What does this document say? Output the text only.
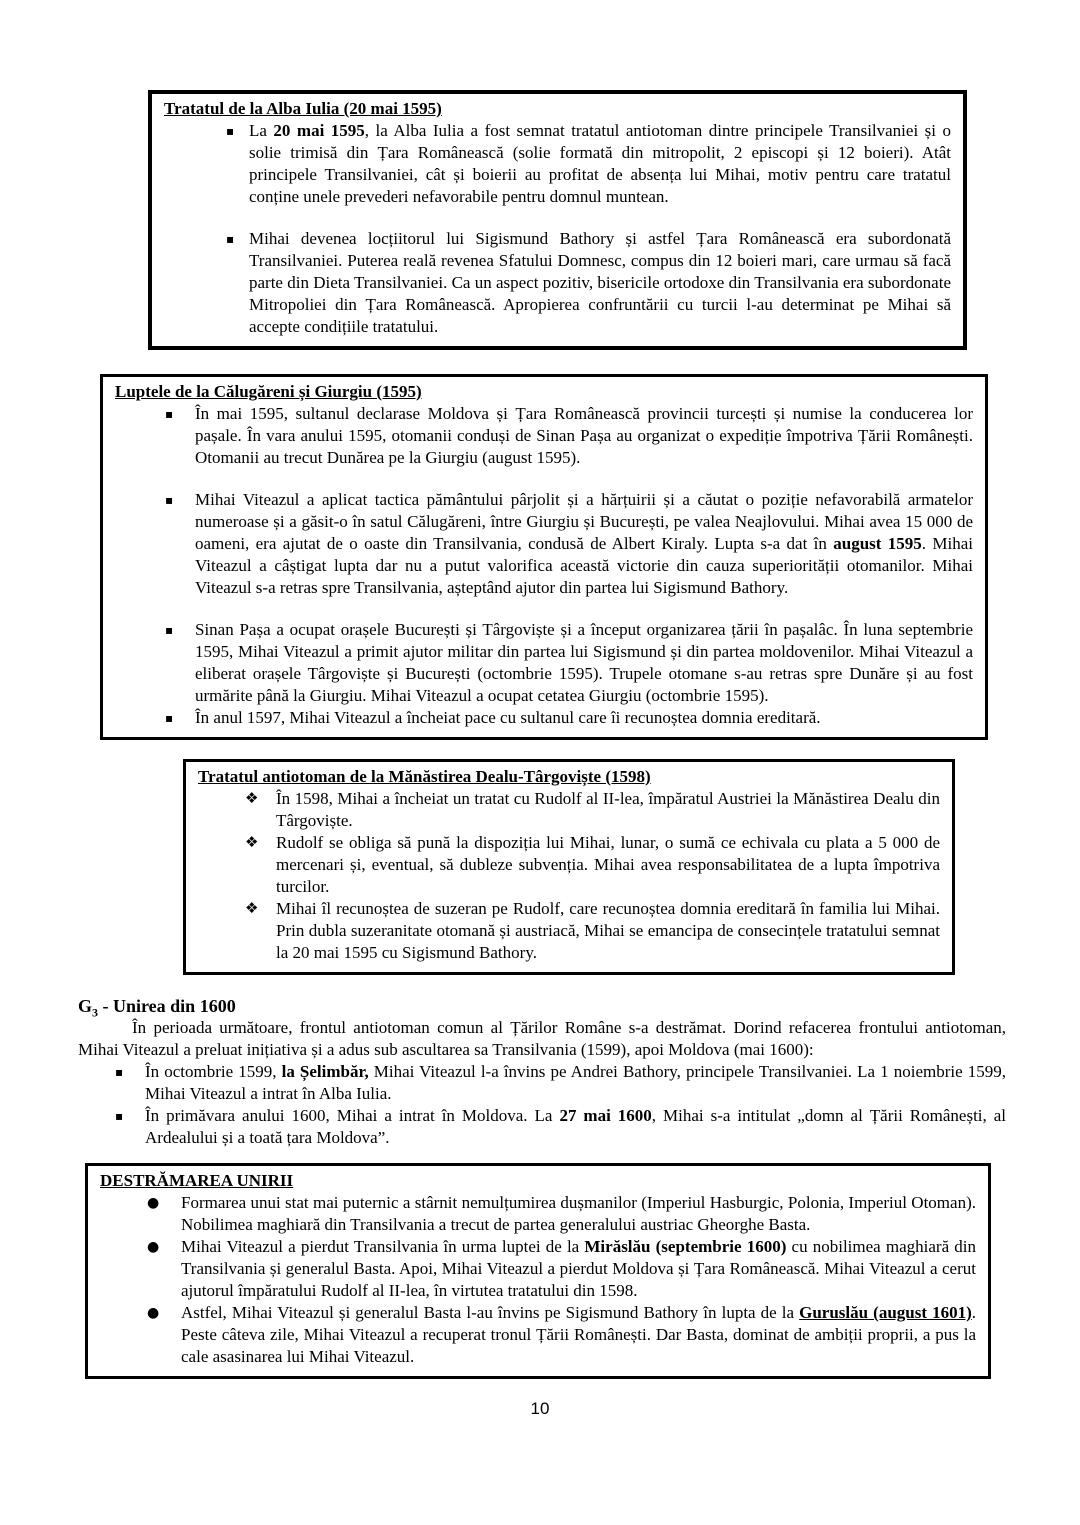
Tratatul de la Alba Iulia (20 mai 1595)
▪ La 20 mai 1595, la Alba Iulia a fost semnat tratatul antiotoman dintre principele Transilvaniei și o solie trimisă din Țara Românească (solie formată din mitropolit, 2 episcopi și 12 boieri). Atât principele Transilvaniei, cât și boierii au profitat de absența lui Mihai, motiv pentru care tratatul conține unele prevederi nefavorabile pentru domnul muntean.
▪ Mihai devenea locțiitorul lui Sigismund Bathory și astfel Țara Românească era subordonată Transilvaniei. Puterea reală revenea Sfatului Domnesc, compus din 12 boieri mari, care urmau să facă parte din Dieta Transilvaniei. Ca un aspect pozitiv, bisericile ortodoxe din Transilvania era subordonate Mitropoliei din Țara Românească. Apropierea confruntării cu turcii l-au determinat pe Mihai să accepte condițiile tratatului.
Luptele de la Călugăreni și Giurgiu (1595)
▪ În mai 1595, sultanul declarase Moldova și Țara Românească provincii turcești și numise la conducerea lor pașale. În vara anului 1595, otomanii conduși de Sinan Pașa au organizat o expediție împotriva Țării Românești. Otomanii au trecut Dunărea pe la Giurgiu (august 1595).
▪ Mihai Viteazul a aplicat tactica pământului pârjolit și a hărțuirii și a căutat o poziție nefavorabilă armatelor numeroase și a găsit-o în satul Călugăreni, între Giurgiu și București, pe valea Neajlovului. Mihai avea 15 000 de oameni, era ajutat de o oaste din Transilvania, condusă de Albert Kiraly. Lupta s-a dat în august 1595. Mihai Viteazul a câștigat lupta dar nu a putut valorifica această victorie din cauza superiorității otomanilor. Mihai Viteazul s-a retras spre Transilvania, așteptând ajutor din partea lui Sigismund Bathory.
▪ Sinan Pașa a ocupat orașele București și Târgoviște și a început organizarea țării în pașalâc. În luna septembrie 1595, Mihai Viteazul a primit ajutor militar din partea lui Sigismund și din partea moldovenilor. Mihai Viteazul a eliberat orașele Târgoviște și București (octombrie 1595). Trupele otomane s-au retras spre Dunăre și au fost urmărite până la Giurgiu. Mihai Viteazul a ocupat cetatea Giurgiu (octombrie 1595).
▪ În anul 1597, Mihai Viteazul a încheiat pace cu sultanul care îi recunoștea domnia ereditară.
Tratatul antiotoman de la Mănăstirea Dealu-Târgoviște (1598)
❖ În 1598, Mihai a încheiat un tratat cu Rudolf al II-lea, împăratul Austriei la Mănăstirea Dealu din Târgoviște.
❖ Rudolf se obliga să pună la dispoziția lui Mihai, lunar, o sumă ce echivala cu plata a 5 000 de mercenari și, eventual, să dubleze subvenția. Mihai avea responsabilitatea de a lupta împotriva turcilor.
❖ Mihai îl recunoștea de suzeran pe Rudolf, care recunoștea domnia ereditară în familia lui Mihai. Prin dubla suzeranitate otomană și austriacă, Mihai se emancipa de consecințele tratatului semnat la 20 mai 1595 cu Sigismund Bathory.
$G_3$ - Unirea din 1600

În perioada următoare, frontul antiotoman comun al Țărilor Române s-a destrămat. Dorind refacerea frontului antiotoman, Mihai Viteazul a preluat inițiativa și a adus sub ascultarea sa Transilvania (1599), apoi Moldova (mai 1600):

▪ În octombrie 1599, la Șelimbăr, Mihai Viteazul l-a învins pe Andrei Bathory, principele Transilvaniei. La 1 noiembrie 1599, Mihai Viteazul a intrat în Alba Iulia.
▪ În primăvara anului 1600, Mihai a intrat în Moldova. La 27 mai 1600, Mihai s-a intitulat „domn al Țării Românești, al Ardealului și a toată țara Moldova”.
DESTRĂMAREA UNIRII
● Formarea unui stat mai puternic a stârnit nemulțumirea dușmanilor (Imperiul Hasburgic, Polonia, Imperiul Otoman). Nobilimea maghiară din Transilvania a trecut de partea generalului austriac Gheorghe Basta.
● Mihai Viteazul a pierdut Transilvania în urma luptei de la Mirăslău (septembrie 1600) cu nobilimea maghiară din Transilvania și generalul Basta. Apoi, Mihai Viteazul a pierdut Moldova și Țara Românească. Mihai Viteazul a cerut ajutorul împăratului Rudolf al II-lea, în virtutea tratatului din 1598.
● Astfel, Mihai Viteazul și generalul Basta l-au învins pe Sigismund Bathory în lupta de la Guruslău (august 1601). Peste câteva zile, Mihai Viteazul a recuperat tronul Țării Românești. Dar Basta, dominat de ambiții proprii, a pus la cale asasinarea lui Mihai Viteazul.
10
